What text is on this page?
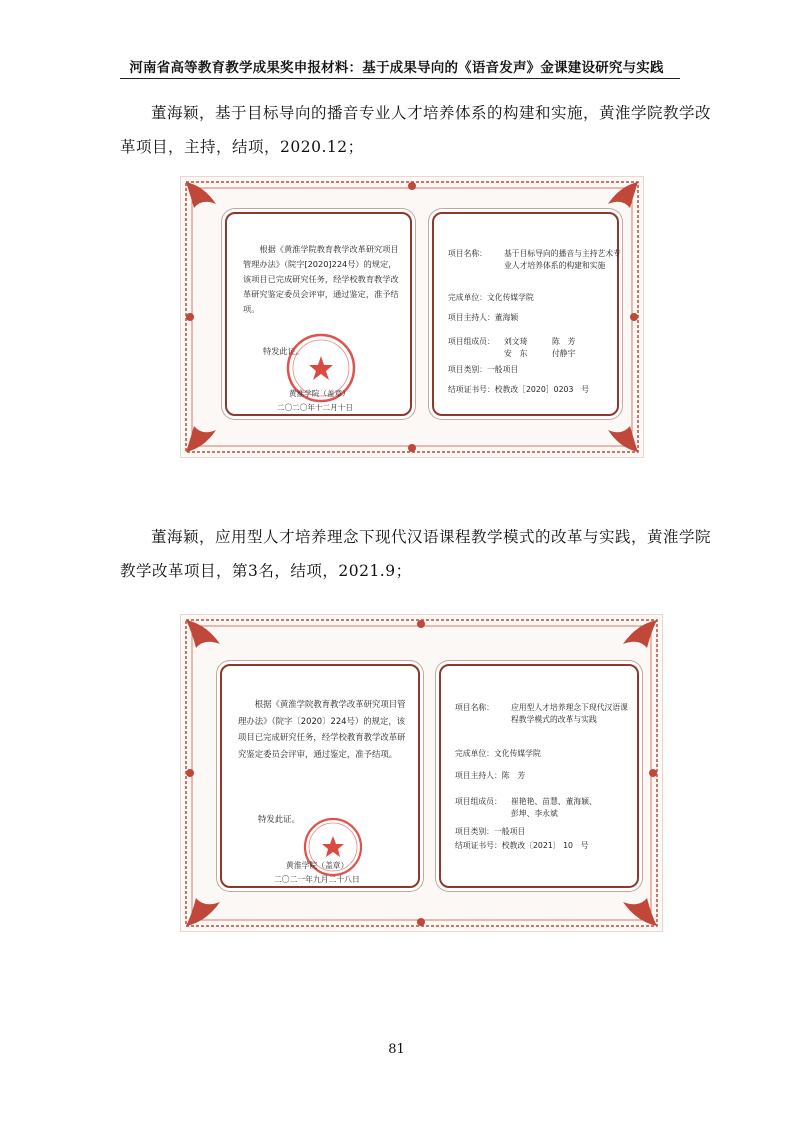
河南省高等教育教学成果奖申报材料：基于成果导向的《语音发声》金课建设研究与实践
董海颖，基于目标导向的播音专业人才培养体系的构建和实施，黄淮学院教学改革项目，主持，结项，2020.12；
根据《黄淮学院教育教学改革研究项目管理办法》（院字[2020]224号）的规定，该项目已完成研究任务，经学校教育教学改革研究鉴定委员会评审，通过鉴定，准予结项。
特发此证。
黄淮学院（盖章）
二〇二〇年十二月十日
项目名称： 基于目标导向的播音与主持艺术专业人才培养体系的构建和实施
完成单位：文化传媒学院
项目主持人：董海颖
项目组成员： 刘文琦	陈　芳
安　东	付静宇
项目类别：一般项目
结项证书号：校教改［2020］0203　号
董海颖，应用型人才培养理念下现代汉语课程教学模式的改革与实践，黄淮学院教学改革项目，第3名，结项，2021.9；
根据《黄淮学院教育教学改革研究项目管理办法》（院字〔2020〕224号）的规定，该项目已完成研究任务，经学校教育教学改革研究鉴定委员会评审，通过鉴定，准予结项。
特发此证。
黄淮学院（盖章）
二〇二一年九月二十八日
项目名称： 应用型人才培养理念下现代汉语课程教学模式的改革与实践
完成单位：文化传媒学院
项目主持人：陈　芳
项目组成员： 崔艳艳、苗慧、董海颖、
彭坤、李永斌
项目类别：一般项目
结项证书号：校教改〔2021〕 10　号
81
